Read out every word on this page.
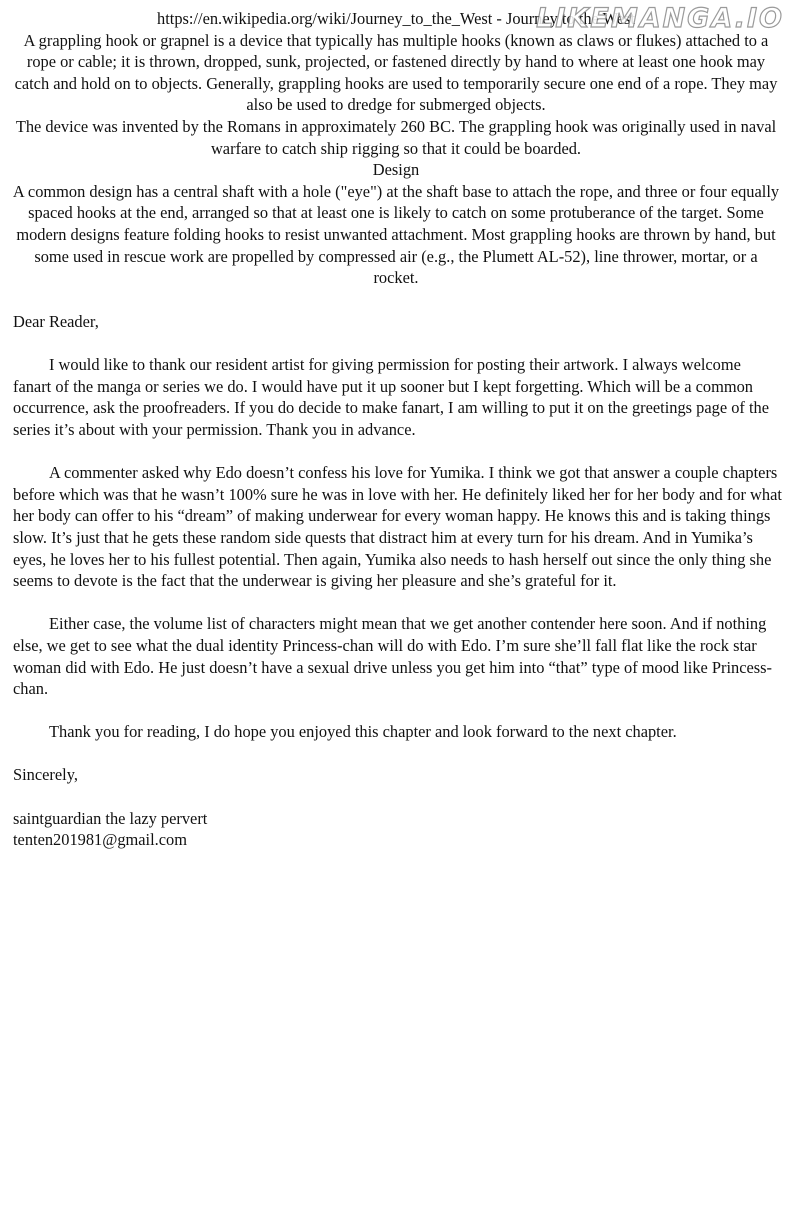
https://en.wikipedia.org/wiki/Journey_to_the_West - Journey to the West

A grappling hook or grapnel is a device that typically has multiple hooks (known as claws or flukes) attached to a rope or cable; it is thrown, dropped, sunk, projected, or fastened directly by hand to where at least one hook may catch and hold on to objects. Generally, grappling hooks are used to temporarily secure one end of a rope. They may also be used to dredge for submerged objects.

The device was invented by the Romans in approximately 260 BC. The grappling hook was originally used in naval warfare to catch ship rigging so that it could be boarded.

Design

A common design has a central shaft with a hole ("eye") at the shaft base to attach the rope, and three or four equally spaced hooks at the end, arranged so that at least one is likely to catch on some protuberance of the target. Some modern designs feature folding hooks to resist unwanted attachment. Most grappling hooks are thrown by hand, but some used in rescue work are propelled by compressed air (e.g., the Plumett AL-52), line thrower, mortar, or a rocket.

Dear Reader,

I would like to thank our resident artist for giving permission for posting their artwork. I always welcome fanart of the manga or series we do. I would have put it up sooner but I kept forgetting. Which will be a common occurrence, ask the proofreaders. If you do decide to make fanart, I am willing to put it on the greetings page of the series it’s about with your permission. Thank you in advance.

A commenter asked why Edo doesn’t confess his love for Yumika. I think we got that answer a couple chapters before which was that he wasn’t 100% sure he was in love with her. He definitely liked her for her body and for what her body can offer to his “dream” of making underwear for every woman happy. He knows this and is taking things slow. It’s just that he gets these random side quests that distract him at every turn for his dream. And in Yumika’s eyes, he loves her to his fullest potential. Then again, Yumika also needs to hash herself out since the only thing she seems to devote is the fact that the underwear is giving her pleasure and she’s grateful for it.

Either case, the volume list of characters might mean that we get another contender here soon. And if nothing else, we get to see what the dual identity Princess-chan will do with Edo. I’m sure she’ll fall flat like the rock star woman did with Edo. He just doesn’t have a sexual drive unless you get him into “that” type of mood like Princess-chan.

Thank you for reading, I do hope you enjoyed this chapter and look forward to the next chapter.

Sincerely,

saintguardian the lazy pervert

tenten201981@gmail.com

LIKEMANGA.IO
